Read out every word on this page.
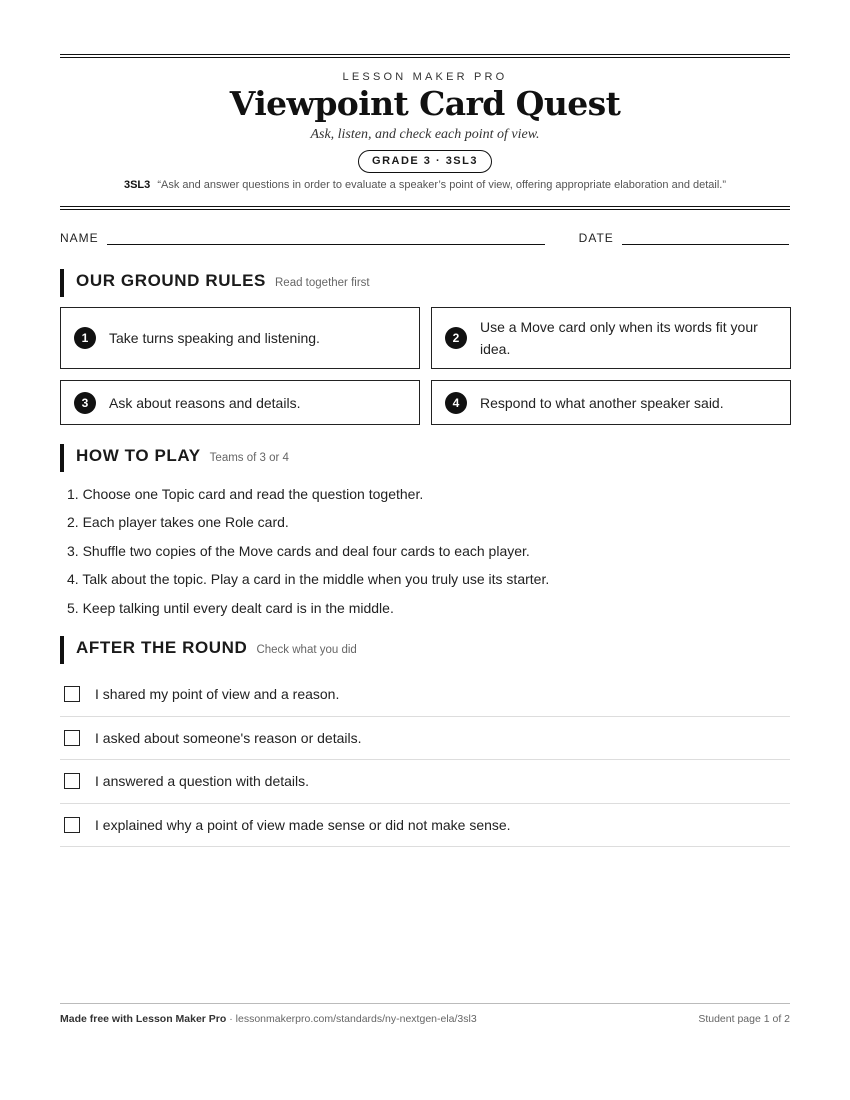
LESSON MAKER PRO
Viewpoint Card Quest
Ask, listen, and check each point of view.
GRADE 3 · 3SL3
3SL3 “Ask and answer questions in order to evaluate a speaker’s point of view, offering appropriate elaboration and detail.”
NAME	DATE
OUR GROUND RULES Read together first
1	Take turns speaking and listening.	2
Use a Move card only when its words fit your idea.
3	Ask about reasons and details.	4	Respond to what another speaker said.
HOW TO PLAY Teams of 3 or 4
1. Choose one Topic card and read the question together.
2. Each player takes one Role card.
3. Shuffle two copies of the Move cards and deal four cards to each player.
4. Talk about the topic. Play a card in the middle when you truly use its starter.
5. Keep talking until every dealt card is in the middle.
AFTER THE ROUND Check what you did
I shared my point of view and a reason.
I asked about someone's reason or details.
I answered a question with details.
I explained why a point of view made sense or did not make sense.
Made free with Lesson Maker Pro · lessonmakerpro.com/standards/ny-nextgen-ela/3sl3	Student page 1 of 2
